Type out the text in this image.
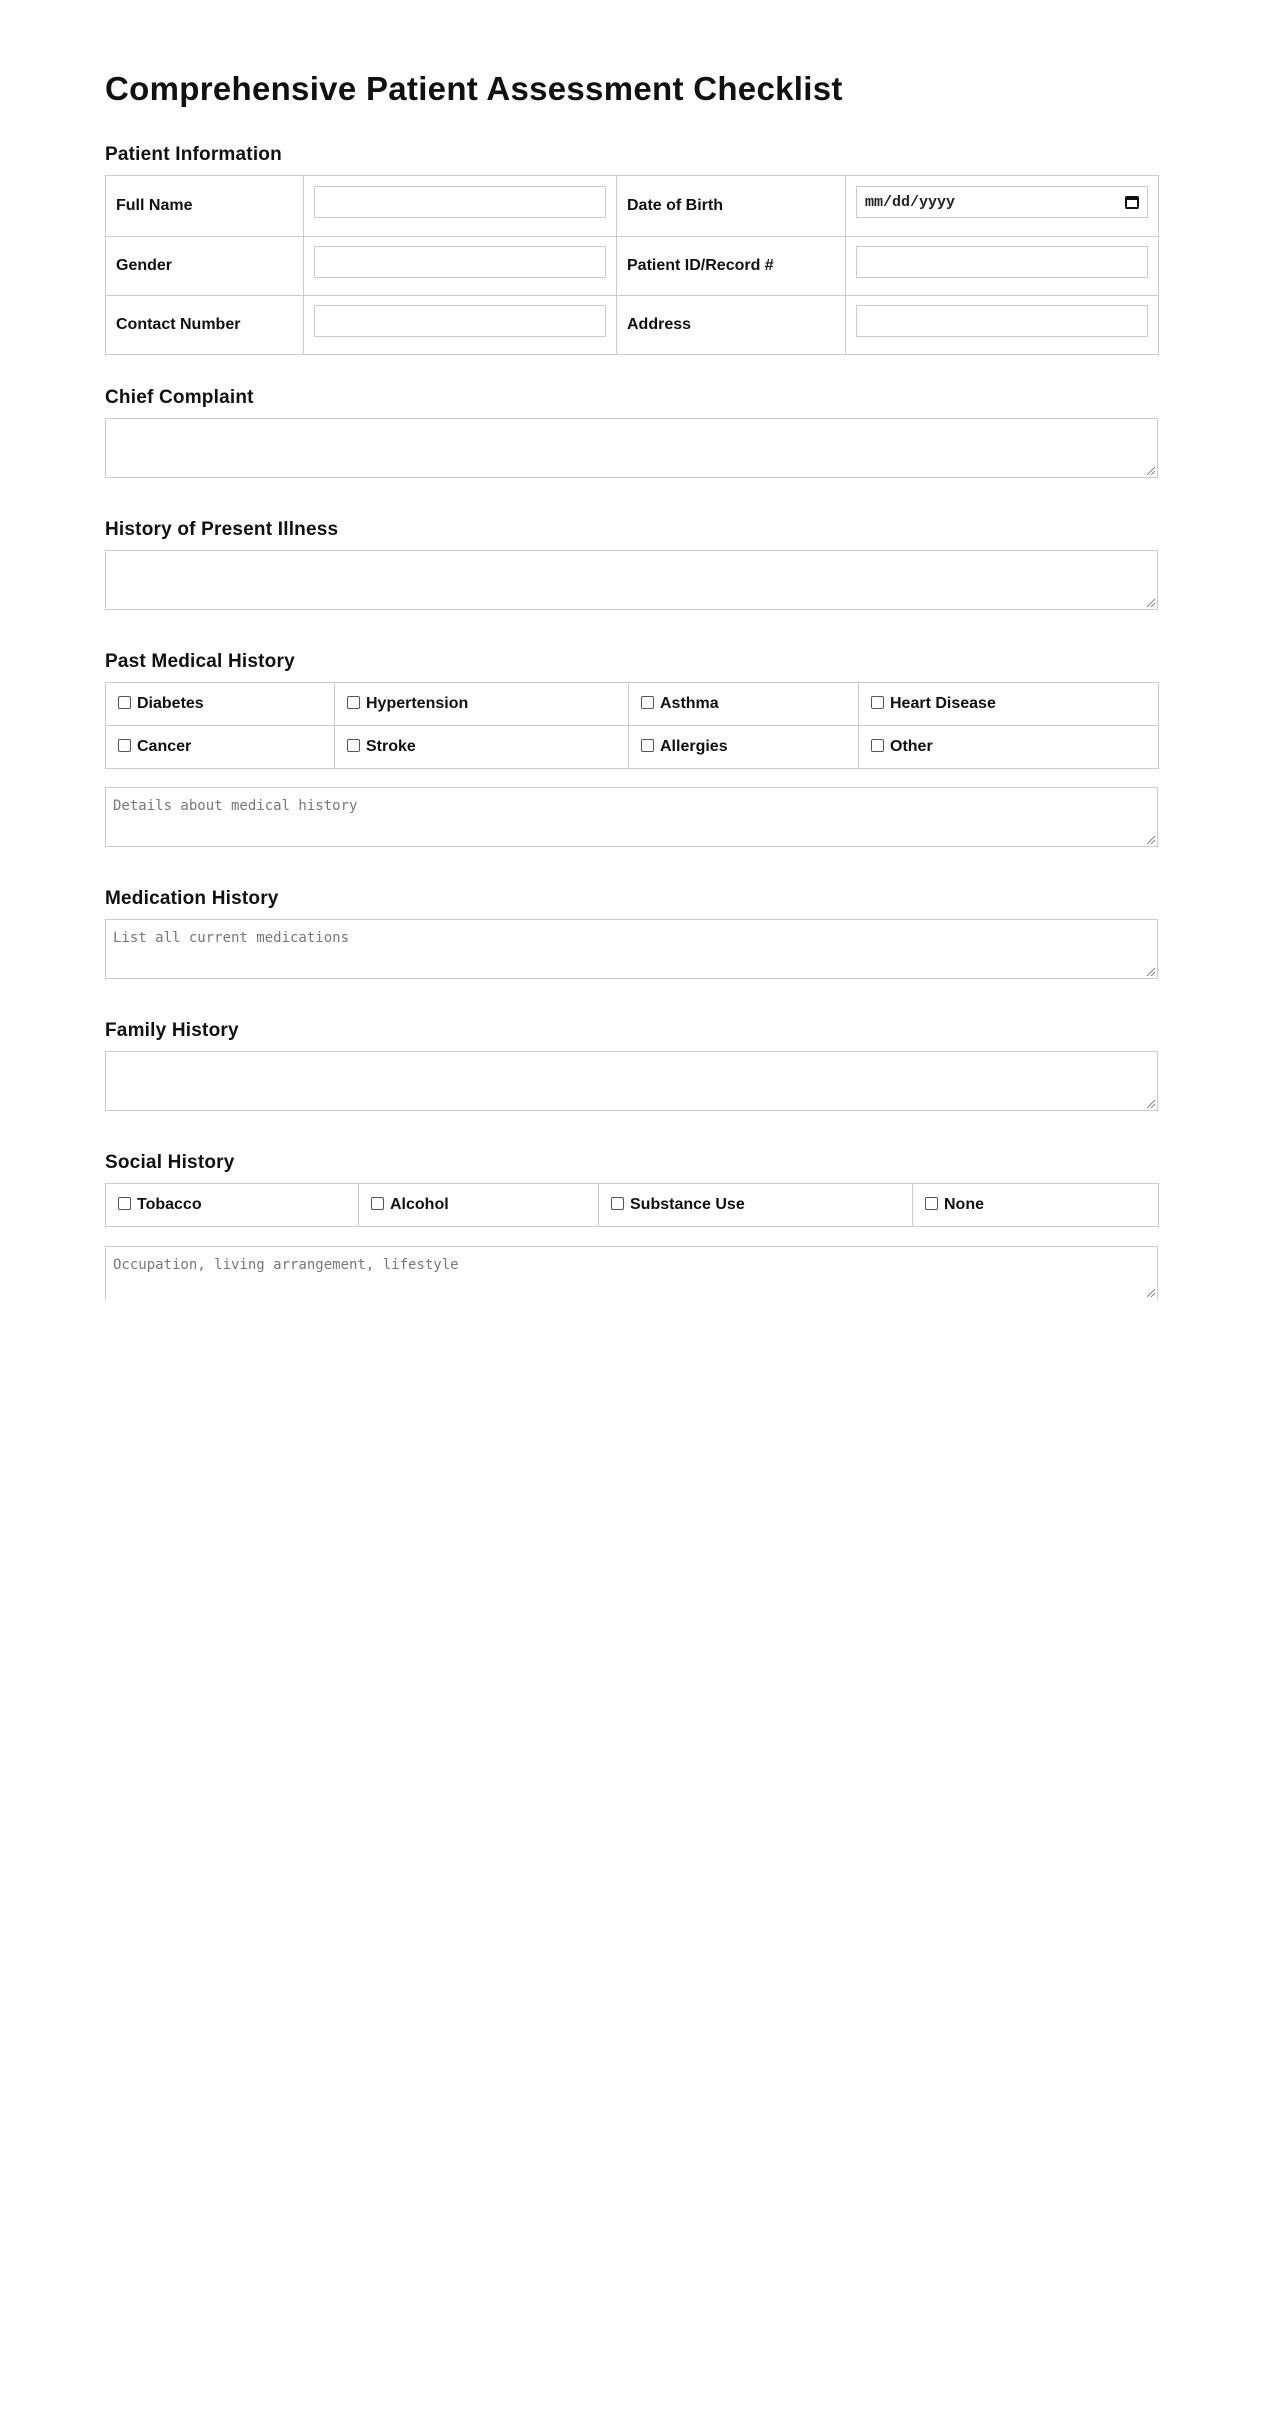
Comprehensive Patient Assessment Checklist
Patient Information
Full Name		Date of Birth	mm/dd/yyyy

Gender		Patient ID/Record #	

Contact Number		Address	
Chief Complaint
History of Present Illness
Past Medical History
Diabetes	Hypertension	Asthma	Heart Disease
Cancer	Stroke	Allergies	Other
Details about medical history
Medication History
List all current medications
Family History
Social History
Tobacco	Alcohol	Substance Use	None
Occupation, living arrangement, lifestyle
